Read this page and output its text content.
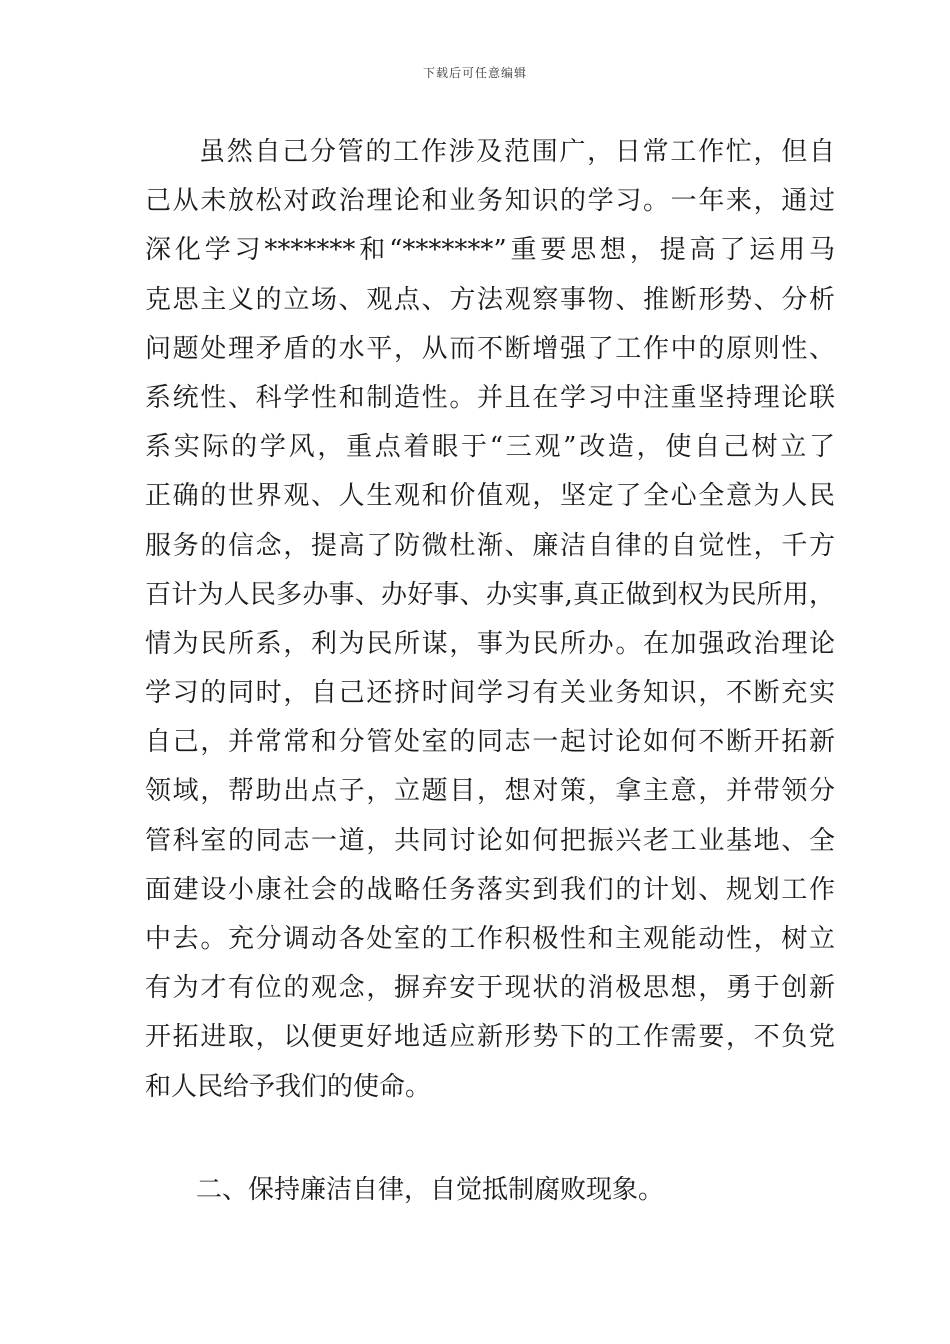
下载后可任意编辑
虽然自己分管的工作涉及范围广，日常工作忙，但自
己从未放松对政治理论和业务知识的学习。一年来，通过
深化学习*******和“*******”重要思想，提高了运用马
克思主义的立场、观点、方法观察事物、推断形势、分析
问题处理矛盾的水平，从而不断增强了工作中的原则性、
系统性、科学性和制造性。并且在学习中注重坚持理论联
系实际的学风，重点着眼于“三观”改造，使自己树立了
正确的世界观、人生观和价值观，坚定了全心全意为人民
服务的信念，提高了防微杜渐、廉洁自律的自觉性，千方
百计为人民多办事、办好事、办实事,真正做到权为民所用，
情为民所系，利为民所谋，事为民所办。在加强政治理论
学习的同时，自己还挤时间学习有关业务知识，不断充实
自己，并常常和分管处室的同志一起讨论如何不断开拓新
领域，帮助出点子，立题目，想对策，拿主意，并带领分
管科室的同志一道，共同讨论如何把振兴老工业基地、全
面建设小康社会的战略任务落实到我们的计划、规划工作
中去。充分调动各处室的工作积极性和主观能动性，树立
有为才有位的观念，摒弃安于现状的消极思想，勇于创新
开拓进取，以便更好地适应新形势下的工作需要，不负党
和人民给予我们的使命。
二、保持廉洁自律，自觉抵制腐败现象。
